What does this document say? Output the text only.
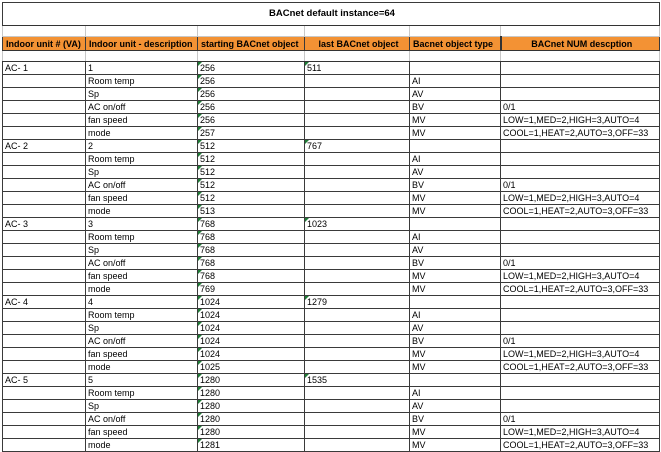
BACnet default instance=64					

Indoor unit # (VA)	Indoor unit - description	starting BACnet object	last BACnet object	Bacnet object type	BACnet NUM descption

AC- 1	1	256	511		
	Room temp	256		AI	
	Sp	256		AV	
	AC on/off	256		BV	0/1
	fan speed	256		MV	LOW=1,MED=2,HIGH=3,AUTO=4
	mode	257		MV	COOL=1,HEAT=2,AUTO=3,OFF=33
AC- 2	2	512	767		
	Room temp	512		AI	
	Sp	512		AV	
	AC on/off	512		BV	0/1
	fan speed	512		MV	LOW=1,MED=2,HIGH=3,AUTO=4
	mode	513		MV	COOL=1,HEAT=2,AUTO=3,OFF=33
AC- 3	3	768	1023		
	Room temp	768		AI	
	Sp	768		AV	
	AC on/off	768		BV	0/1
	fan speed	768		MV	LOW=1,MED=2,HIGH=3,AUTO=4
	mode	769		MV	COOL=1,HEAT=2,AUTO=3,OFF=33
AC- 4	4	1024	1279		
	Room temp	1024		AI	
	Sp	1024		AV	
	AC on/off	1024		BV	0/1
	fan speed	1024		MV	LOW=1,MED=2,HIGH=3,AUTO=4
	mode	1025		MV	COOL=1,HEAT=2,AUTO=3,OFF=33
AC- 5	5	1280	1535		
	Room temp	1280		AI	
	Sp	1280		AV	
	AC on/off	1280		BV	0/1
	fan speed	1280		MV	LOW=1,MED=2,HIGH=3,AUTO=4
	mode	1281		MV	COOL=1,HEAT=2,AUTO=3,OFF=33
